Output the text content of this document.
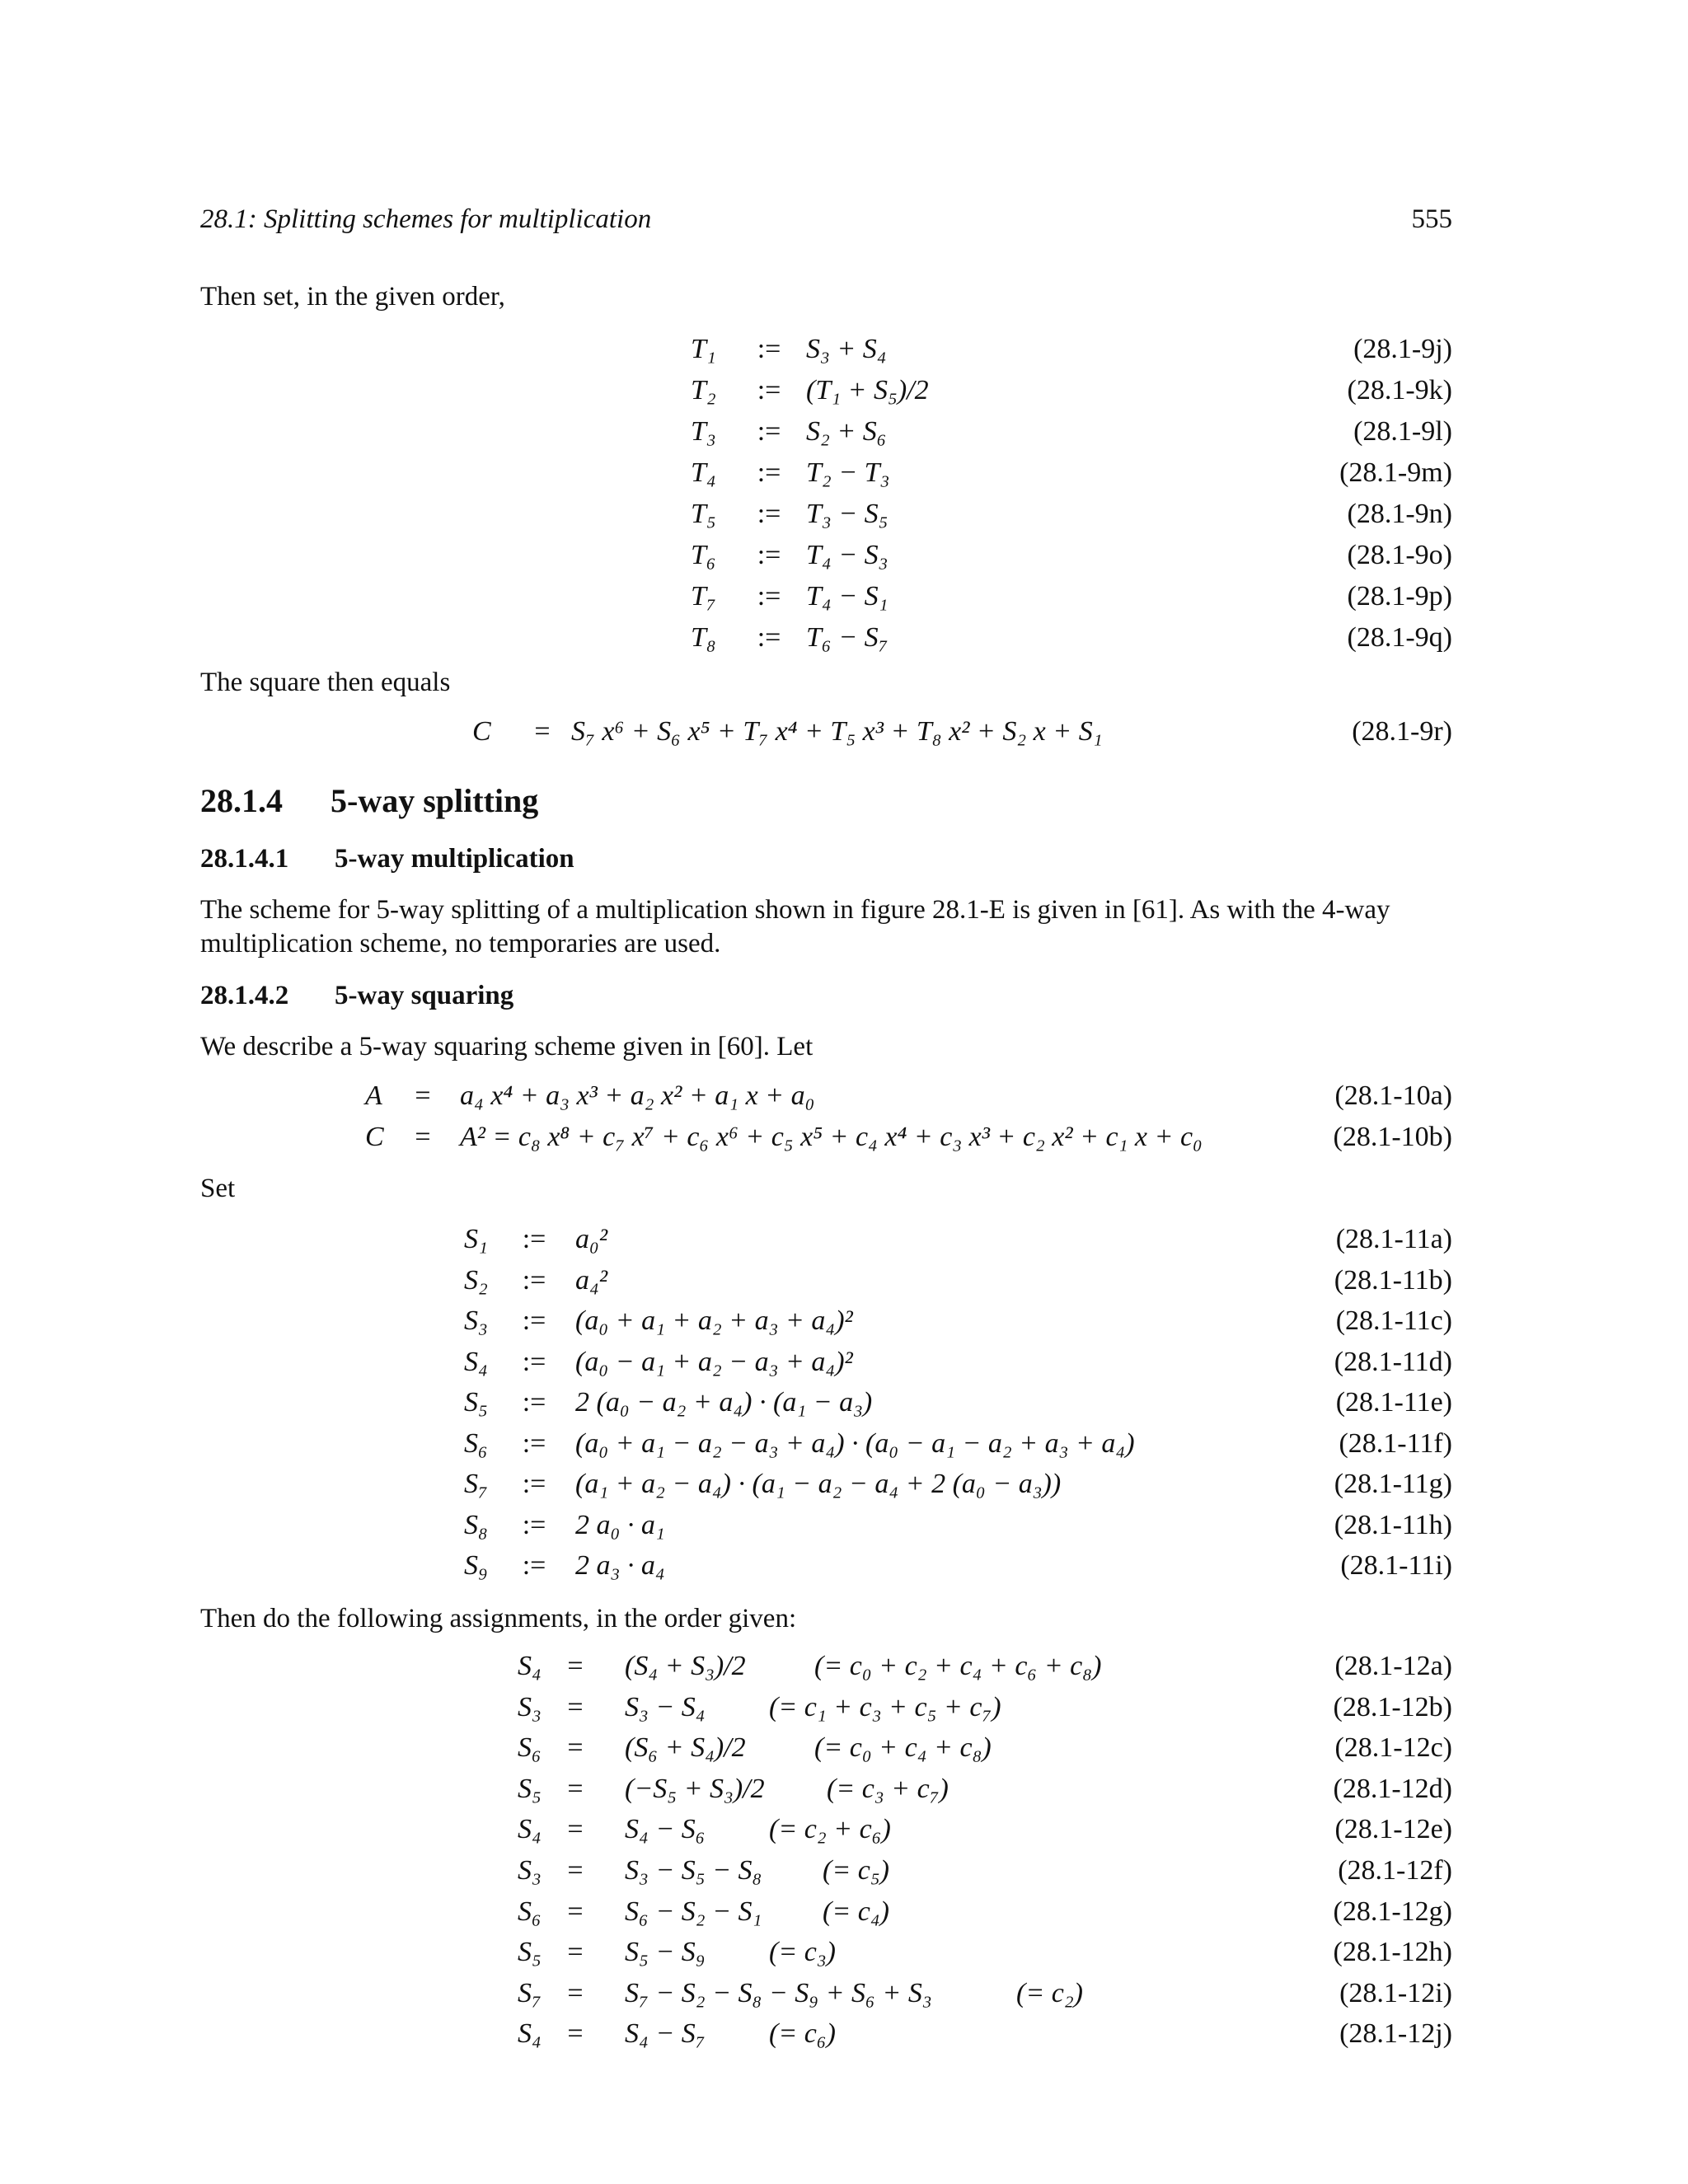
28.1: Splitting schemes for multiplication	555
Then set, in the given order,
T₁	:= S₃ + S₄	(28.1-9j)
T₂	:= (T₁ + S₅)/2	(28.1-9k)
T₃	:= S₂ + S₆	(28.1-9l)
T₄	:= T₂ − T₃	(28.1-9m)
T₅	:= T₃ − S₅	(28.1-9n)
T₆	:= T₄ − S₃	(28.1-9o)
T₇	:= T₄ − S₁	(28.1-9p)
T₈	:= T₆ − S₇	(28.1-9q)
The square then equals
C	= S₇ x⁶ + S₆ x⁵ + T₇ x⁴ + T₅ x³ + T₈ x² + S₂ x + S₁	(28.1-9r)
28.1.4 5-way splitting
28.1.4.1 5-way multiplication
The scheme for 5-way splitting of a multiplication shown in figure 28.1-E is given in [61]. As with the 4-way multiplication scheme, no temporaries are used.
28.1.4.2 5-way squaring
We describe a 5-way squaring scheme given in [60]. Let
A	=	a₄ x⁴ + a₃ x³ + a₂ x² + a₁ x + a₀	(28.1-10a)
C	=	A² = c₈ x⁸ + c₇ x⁷ + c₆ x⁶ + c₅ x⁵ + c₄ x⁴ + c₃ x³ + c₂ x² + c₁ x + c₀	(28.1-10b)
Set
S₁	:=	a₀²	(28.1-11a)
S₂	:=	a₄²	(28.1-11b)
S₃	:=	(a₀ + a₁ + a₂ + a₃ + a₄)²	(28.1-11c)
S₄	:=	(a₀ − a₁ + a₂ − a₃ + a₄)²	(28.1-11d)
S₅	:=	2 (a₀ − a₂ + a₄) · (a₁ − a₃)	(28.1-11e)
S₆	:=	(a₀ + a₁ − a₂ − a₃ + a₄) · (a₀ − a₁ − a₂ + a₃ + a₄)	(28.1-11f)
S₇	:=	(a₁ + a₂ − a₄) · (a₁ − a₂ − a₄ + 2 (a₀ − a₃))	(28.1-11g)
S₈	:=	2 a₀ · a₁	(28.1-11h)
S₉	:=	2 a₃ · a₄	(28.1-11i)
Then do the following assignments, in the order given:
S₄ =	(S₄ + S₃)/2 (= c₀ + c₂ + c₄ + c₆ + c₈)	(28.1-12a)
S₃ =	S₃ − S₄ (= c₁ + c₃ + c₅ + c₇)	(28.1-12b)
S₆ =	(S₆ + S₄)/2 (= c₀ + c₄ + c₈)	(28.1-12c)
S₅ =	(−S₅ + S₃)/2 (= c₃ + c₇)	(28.1-12d)
S₄ =	S₄ − S₆ (= c₂ + c₆)	(28.1-12e)
S₃ =	S₃ − S₅ − S₈ (= c₅)	(28.1-12f)
S₆ =	S₆ − S₂ − S₁ (= c₄)	(28.1-12g)
S₅ =	S₅ − S₉ (= c₃)	(28.1-12h)
S₇ =	S₇ − S₂ − S₈ − S₉ + S₆ + S₃	(= c₂)	(28.1-12i)
S₄ =	S₄ − S₇ (= c₆)	(28.1-12j)
